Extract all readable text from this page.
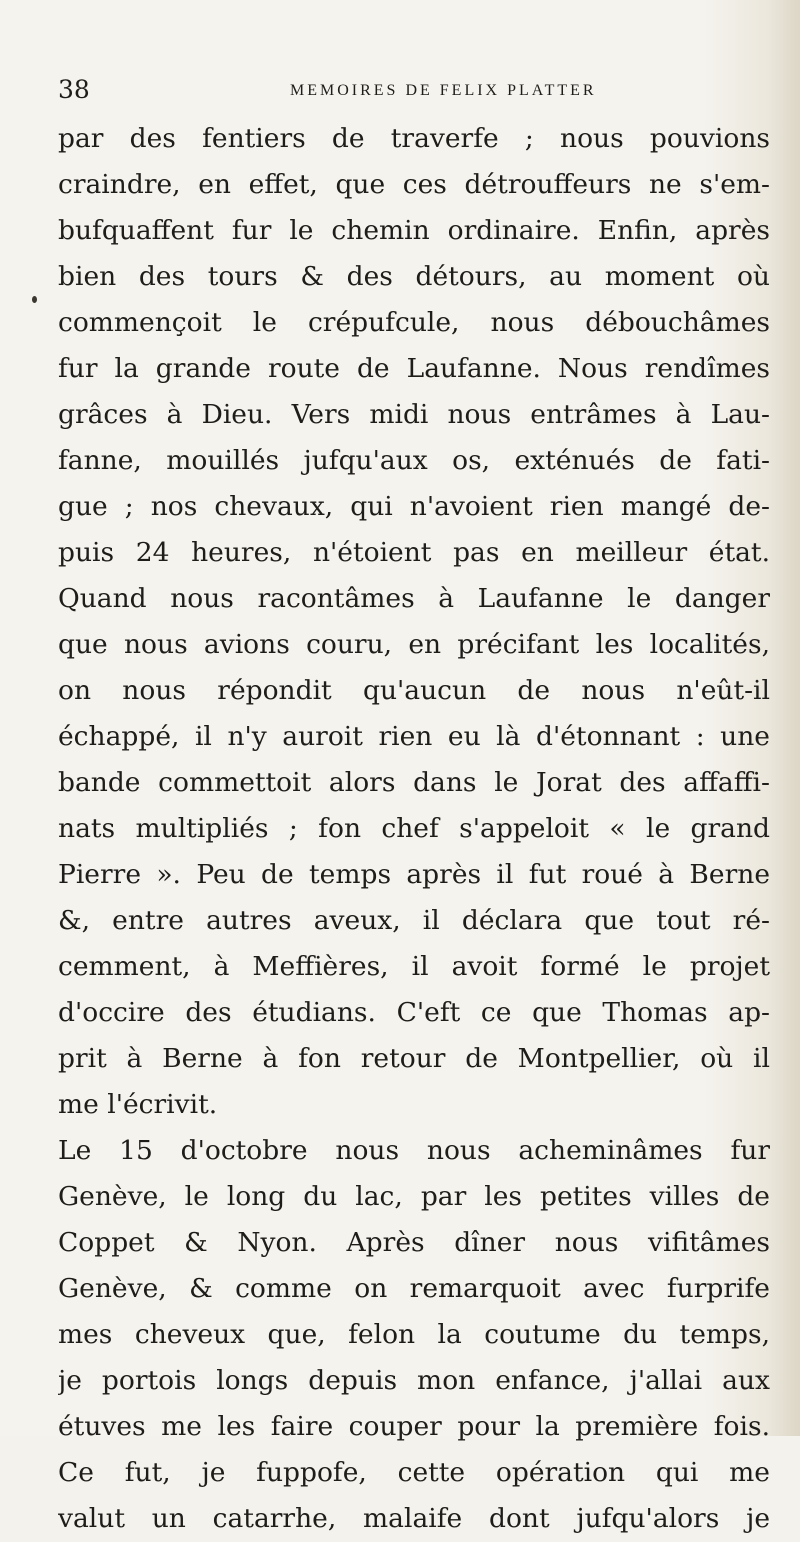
38	MEMOIRES DE FELIX PLATTER
par des fentiers de traverfe ; nous pouvions
craindre, en effet, que ces détrouffeurs ne s'em-
bufquaffent fur le chemin ordinaire. Enfin, après
bien des tours & des détours, au moment où
commençoit le crépufcule, nous débouchâmes
fur la grande route de Laufanne. Nous rendîmes
grâces à Dieu. Vers midi nous entrâmes à Lau-
fanne, mouillés jufqu'aux os, exténués de fati-
gue ; nos chevaux, qui n'avoient rien mangé de-
puis 24 heures, n'étoient pas en meilleur état.
Quand nous racontâmes à Laufanne le danger
que nous avions couru, en précifant les localités,
on nous répondit qu'aucun de nous n'eût-il
échappé, il n'y auroit rien eu là d'étonnant : une
bande commettoit alors dans le Jorat des affaffi-
nats multipliés ; fon chef s'appeloit « le grand
Pierre ». Peu de temps après il fut roué à Berne
&, entre autres aveux, il déclara que tout ré-
cemment, à Meffières, il avoit formé le projet
d'occire des étudians. C'eft ce que Thomas ap-
prit à Berne à fon retour de Montpellier, où il
me l'écrivit.
Le 15 d'octobre nous nous acheminâmes fur
Genève, le long du lac, par les petites villes de
Coppet & Nyon. Après dîner nous vifitâmes
Genève, & comme on remarquoit avec furprife
mes cheveux que, felon la coutume du temps,
je portois longs depuis mon enfance, j'allai aux
étuves me les faire couper pour la première fois.
Ce fut, je fuppofe, cette opération qui me
valut un catarrhe, malaife dont jufqu'alors je
